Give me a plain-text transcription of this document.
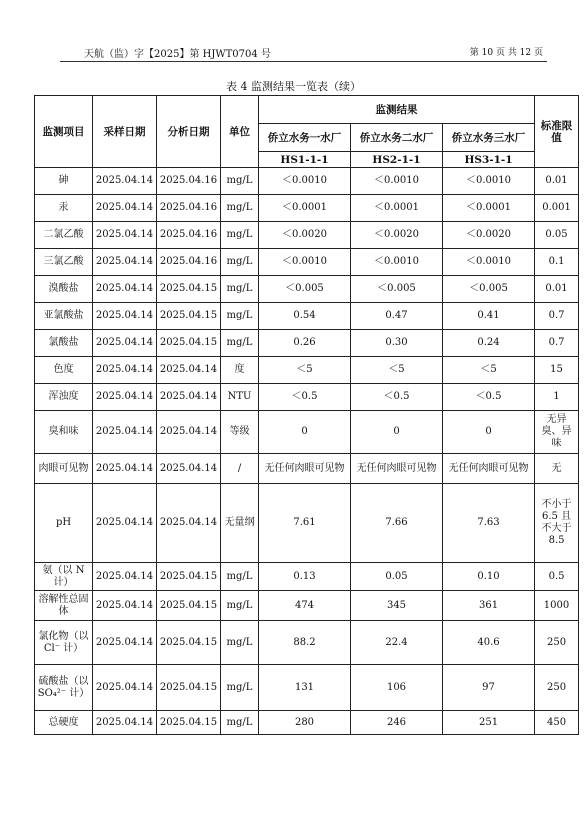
天航（监）字【2025】第 HJWT0704 号	第 10 页 共 12 页
表 4 监测结果一览表（续）
监测项目	采样日期	分析日期	单位	监测结果			标准限值
				侨立水务一水厂	侨立水务二水厂	侨立水务三水厂	
				HS1-1-1	HS2-1-1	HS3-1-1	
砷	2025.04.14	2025.04.16	mg/L	＜0.0010	＜0.0010	＜0.0010	0.01
汞	2025.04.14	2025.04.16	mg/L	＜0.0001	＜0.0001	＜0.0001	0.001
二氯乙酸	2025.04.14	2025.04.16	mg/L	＜0.0020	＜0.0020	＜0.0020	0.05
三氯乙酸	2025.04.14	2025.04.16	mg/L	＜0.0010	＜0.0010	＜0.0010	0.1
溴酸盐	2025.04.14	2025.04.15	mg/L	＜0.005	＜0.005	＜0.005	0.01
亚氯酸盐	2025.04.14	2025.04.15	mg/L	0.54	0.47	0.41	0.7
氯酸盐	2025.04.14	2025.04.15	mg/L	0.26	0.30	0.24	0.7
色度	2025.04.14	2025.04.14	度	＜5	＜5	＜5	15
浑浊度	2025.04.14	2025.04.14	NTU	＜0.5	＜0.5	＜0.5	1
臭和味	2025.04.14	2025.04.14	等级	0	0	0	无异臭、异味
肉眼可见物	2025.04.14	2025.04.14	/	无任何肉眼可见物	无任何肉眼可见物	无任何肉眼可见物	无
pH	2025.04.14	2025.04.14	无量纲	7.61	7.66	7.63	不小于 6.5 且不大于 8.5
氨（以 N 计）	2025.04.14	2025.04.15	mg/L	0.13	0.05	0.10	0.5
溶解性总固体	2025.04.14	2025.04.15	mg/L	474	345	361	1000
氯化物（以 Cl⁻ 计）	2025.04.14	2025.04.15	mg/L	88.2	22.4	40.6	250
硫酸盐（以 SO₄²⁻ 计）	2025.04.14	2025.04.15	mg/L	131	106	97	250
总硬度	2025.04.14	2025.04.15	mg/L	280	246	251	450
